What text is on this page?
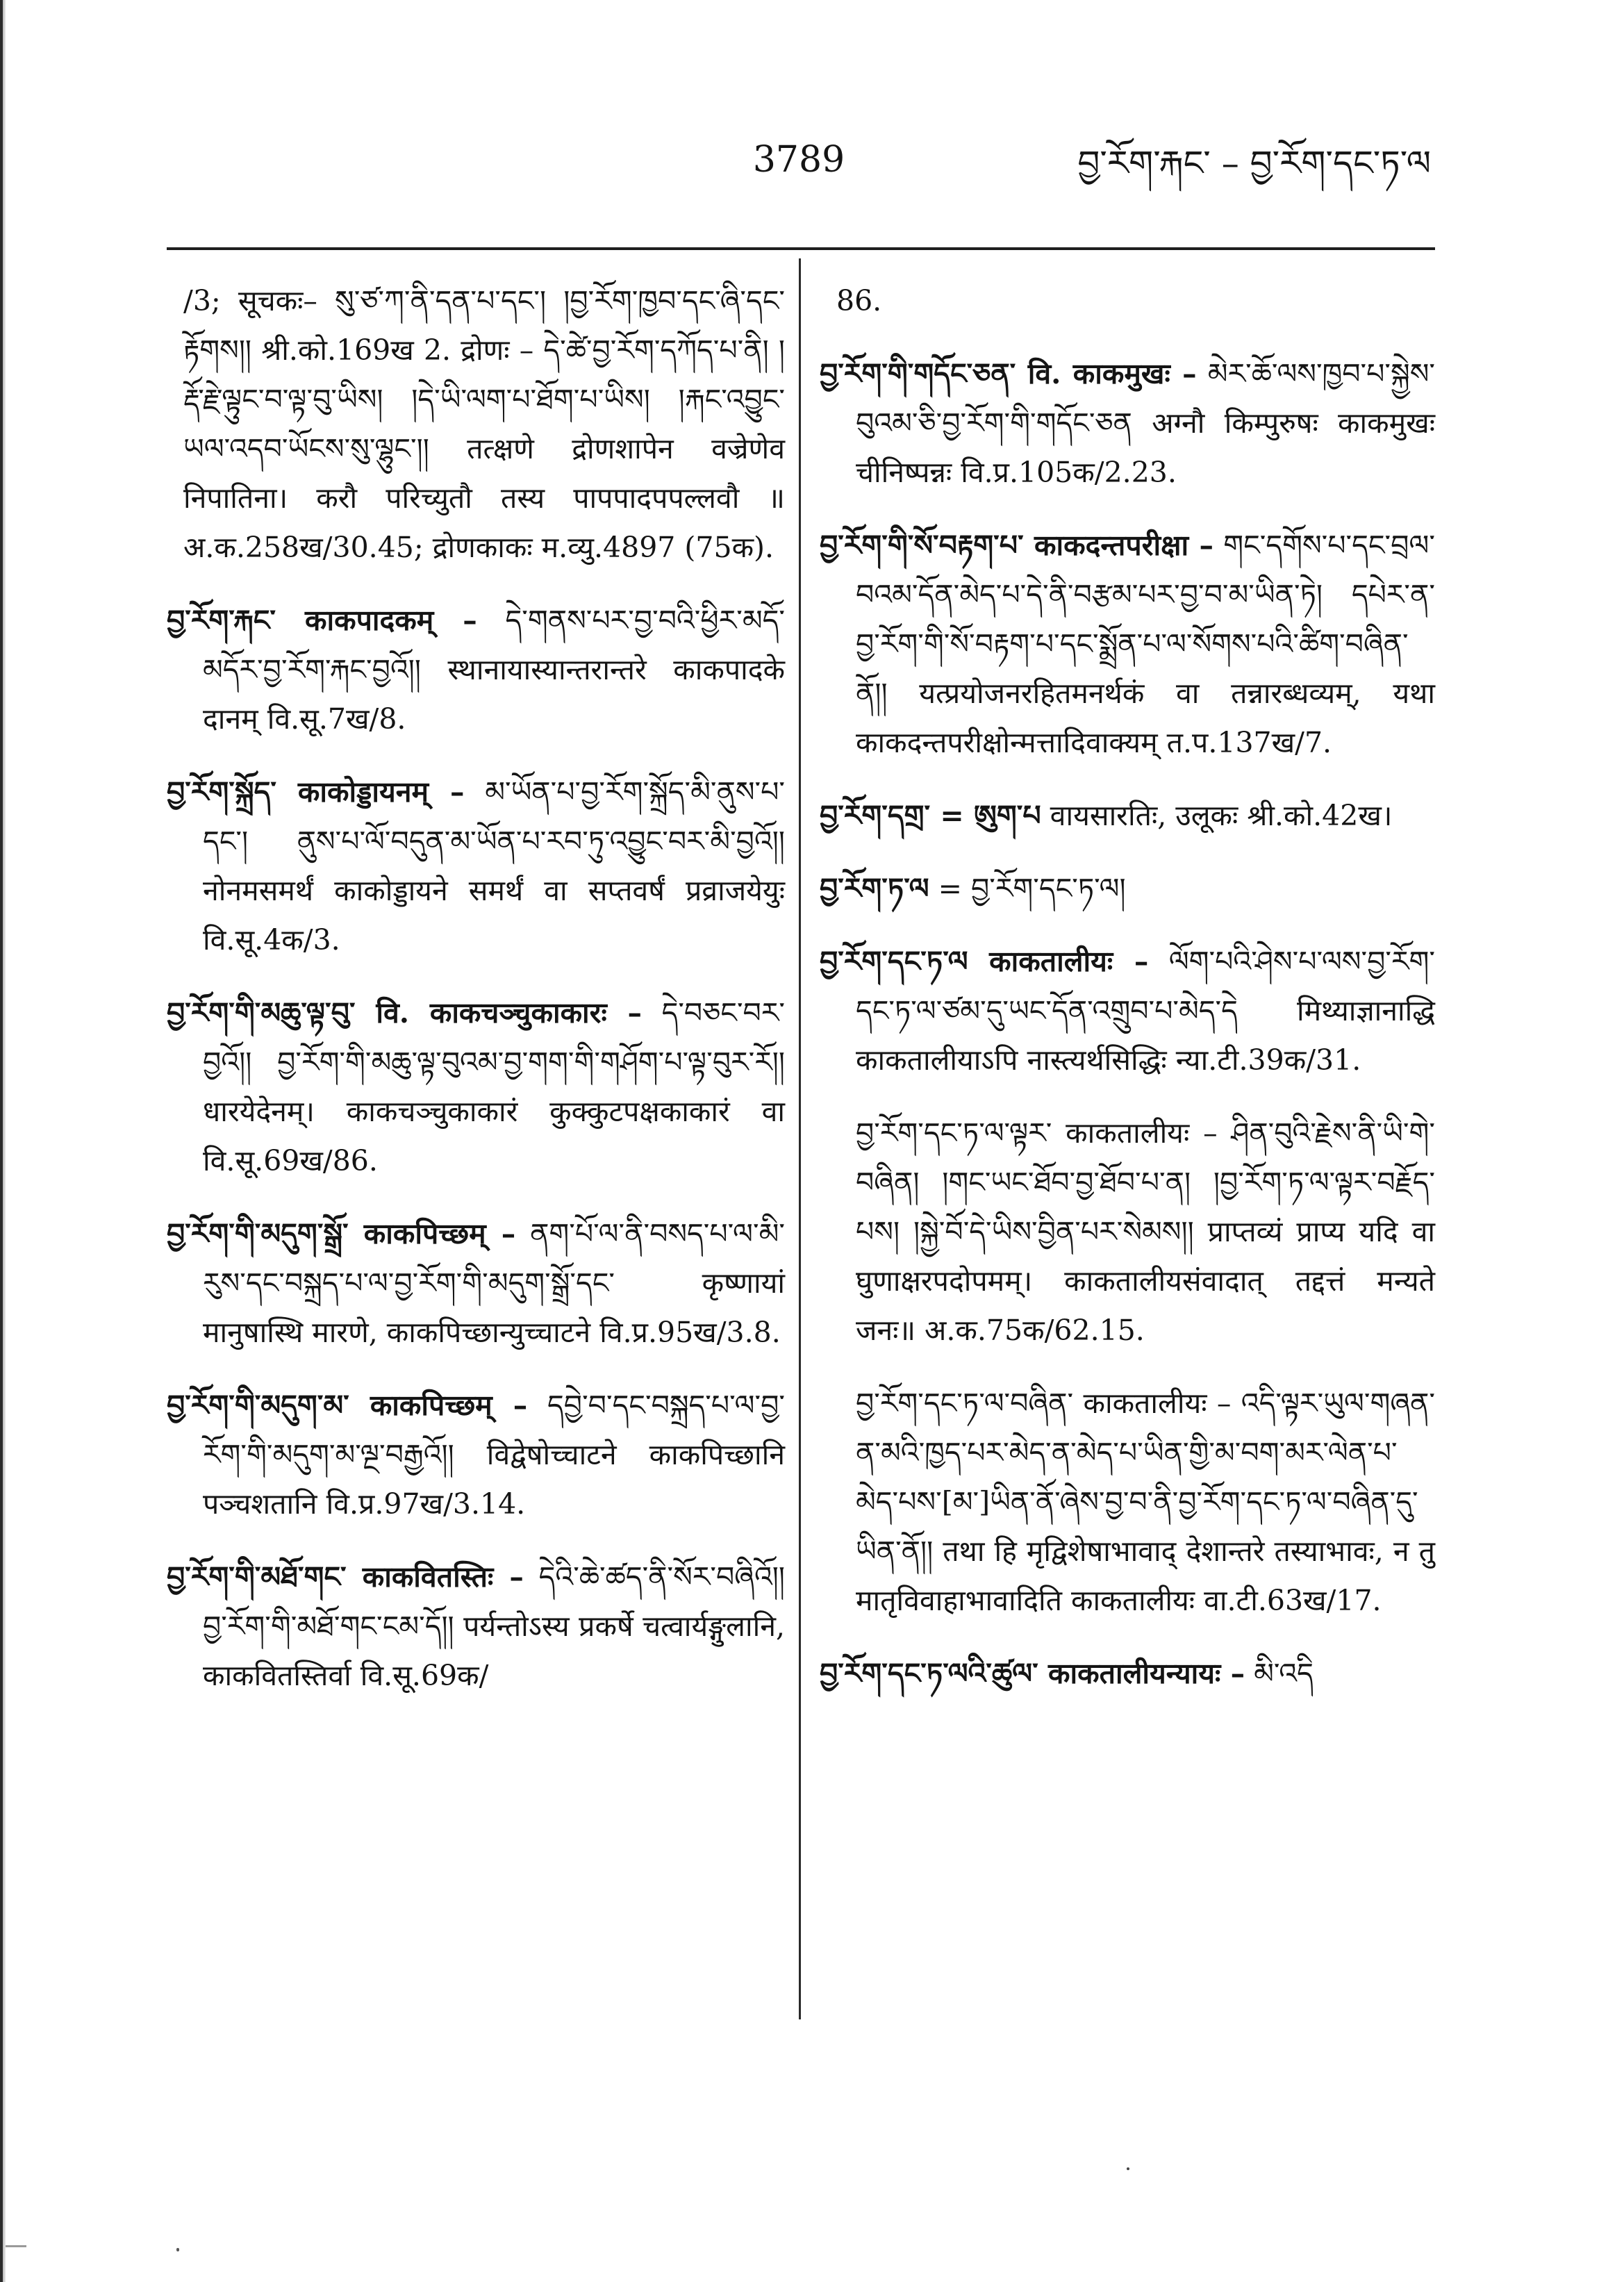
3789	བྱ་རོག་རྐང་ – བྱ་རོག་དང་ཏ་ལ

/3; सूचकः– སུ་ཙ་ཀ་ནི་དན་པ་དང་། །བྱ་རོག་ཁྱབ་དང་ཞི་དང་རྟོགས།། श्री.को.169ख 2. द्रोणः – དེ་ཚེ་བྱ་རོག་དཀོད་པ་ནི། །རྡོ་རྗེ་ལྟུང་བ་ལྟ་བུ་ཡིས། །དེ་ཡི་ལག་པ་ཐོག་པ་ཡིས། །རྐང་འབྱུང་ཡལ་འདབ་ཡོངས་སུ་ལྷུང་།། तत्क्षणे द्रोणशापेन वज्रेणेव निपातिना। करौ परिच्युतौ तस्य पापपादपपल्लवौ ॥ अ.क.258ख/30.45; द्रोणकाकः म.व्यु.4897 (75क).

བྱ་རོག་རྐང་ काकपादकम् – དེ་གནས་པར་བྱ་བའི་ཕྱིར་མདོ་མདོར་བྱ་རོག་རྐང་བྱའོ།། स्थानायास्यान्तरान्तरे काकपादके दानम् वि.सू.7ख/8.

བྱ་རོག་སྐྲོད་ काकोड्डायनम् – མ་ཡོན་པ་བྱ་རོག་སྐྲོད་མི་ནུས་པ་དང་། ནུས་པ་ལོ་བདུན་མ་ཡོན་པ་རབ་ཏུ་འབྱུང་བར་མི་བྱའོ།། नोनमसमर्थं काकोड्डायने समर्थं वा सप्तवर्षं प्रव्राजयेयुः वि.सू.4क/3.

བྱ་རོག་གི་མཆུ་ལྟ་བུ་ वि. काकचञ्चुकाकारः – དེ་བཅང་བར་བྱའོ།། བྱ་རོག་གི་མཆུ་ལྟ་བུའམ་བྱ་གག་གི་གཤོག་པ་ལྟ་བུར་རོ།། धारयेदेनम्। काकचञ्चुकाकारं कुक्कुटपक्षकाकारं वा वि.सू.69ख/86.

བྱ་རོག་གི་མདུག་སྒྲོ་ काकपिच्छम् – ནག་པོ་ལ་ནི་བསད་པ་ལ་མི་རུས་དང་བསྐྲད་པ་ལ་བྱ་རོག་གི་མདུག་སྒྲོ་དང་ कृष्णायां मानुषास्थि मारणे, काकपिच्छान्युच्चाटने वि.प्र.95ख/3.8.

བྱ་རོག་གི་མདུག་མ་ काकपिच्छम् – དབྱེ་བ་དང་བསྐྲད་པ་ལ་བྱ་རོག་གི་མདུག་མ་ལྔ་བརྒྱའོ།། विद्वेषोच्चाटने काकपिच्छानि पञ्चशतानि वि.प्र.97ख/3.14.

བྱ་རོག་གི་མཐོ་གང་ काकवितस्तिः – དེའི་ཆེ་ཚད་ནི་སོར་བཞིའོ།། བྱ་རོག་གི་མཐོ་གང་ངམ་དོ།། पर्यन्तोऽस्य प्रकर्षे चत्वार्यङ्गुलानि, काकवितस्तिर्वा वि.सू.69क/

86.

བྱ་རོག་གི་གདོང་ཅན་ वि. काकमुखः – མེར་ཆོ་ལས་ཁྱབ་པ་སྐྱེས་བུའམ་ཅི་བྱ་རོག་གི་གདོང་ཅན अग्नौ किम्पुरुषः काकमुखः चीनिष्पन्नः वि.प्र.105क/2.23.

བྱ་རོག་གི་སོ་བརྟག་པ་ काकदन्तपरीक्षा – གང་དགོས་པ་དང་བྲལ་བའམ་དོན་མེད་པ་དེ་ནི་བརྩམ་པར་བྱ་བ་མ་ཡིན་ཏེ། དཔེར་ན་བྱ་རོག་གི་སོ་བརྟག་པ་དང་སྨྲོན་པ་ལ་སོགས་པའི་ཚིག་བཞིན་ནོ།། यत्प्रयोजनरहितमनर्थकं वा तन्नारब्धव्यम्, यथा काकदन्तपरीक्षोन्मत्तादिवाक्यम् त.प.137ख/7.

བྱ་རོག་དགྲ་ = ཨུག་པ वायसारतिः, उलूकः श्री.को.42ख।

བྱ་རོག་ཏ་ལ = བྱ་རོག་དང་ཏ་ལ།

བྱ་རོག་དང་ཏ་ལ काकतालीयः – ལོག་པའི་ཤེས་པ་ལས་བྱ་རོག་དང་ཏ་ལ་ཙམ་དུ་ཡང་དོན་འགྲུབ་པ་མེད་དེ मिथ्याज्ञानाद्धि काकतालीयाऽपि नास्त्यर्थसिद्धिः न्या.टी.39क/31.

བྱ་རོག་དང་ཏ་ལ་ལྟར་ काकतालीयः – ཤིན་བུའི་རྗེས་ནི་ཡི་གེ་བཞིན། །གང་ཡང་ཐོབ་བྱ་ཐོབ་པ་ན། །བྱ་རོག་ཏ་ལ་ལྟར་བརྗོད་པས། །སྐྱེ་བོ་དེ་ཡིས་བྱིན་པར་སེམས།། प्राप्तव्यं प्राप्य यदि वा घुणाक्षरपदोपमम्। काकतालीयसंवादात् तद्दत्तं मन्यते जनः॥ अ.क.75क/62.15.

བྱ་རོག་དང་ཏ་ལ་བཞིན་ काकतालीयः – འདི་ལྟར་ཡུལ་གཞན་ན་མའི་ཁྱད་པར་མེད་ན་མེད་པ་ཡིན་གྱི་མ་བག་མར་ལེན་པ་མེད་པས་[མ་]ཡིན་ནོ་ཞེས་བྱ་བ་ནི་བྱ་རོག་དང་ཏ་ལ་བཞིན་དུ་ཡིན་ནོ།། तथा हि मृद्विशेषाभावाद् देशान्तरे तस्याभावः, न तु मातृविवाहाभावादिति काकतालीयः वा.टी.63ख/17.

བྱ་རོག་དང་ཏ་ལའི་ཚུལ་ काकतालीयन्यायः – མི་འདི
